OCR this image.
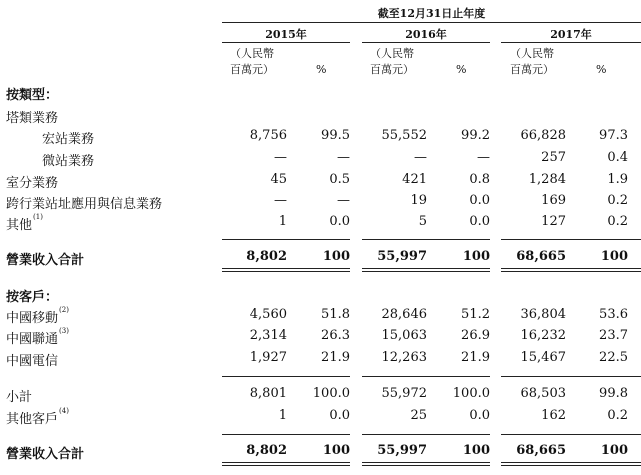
截至12月31日止年度
2015年	2016年	2017年
（人民幣
百萬元）	%
（人民幣
百萬元）	%
（人民幣
百萬元）	%
按類型：
按客戶：
塔類業務
宏站業務	8,756	99.5	55,552	99.2	66,828	97.3
微站業務	—	—	—	—	257	0.4
室分業務	45	0.5	421	0.8	1,284	1.9
跨行業站址應用與信息業務	—	—	19	0.0	169	0.2
其他$^{(1)}$	1	0.0	5	0.0	127	0.2
營業收入合計	8,802	100	55,997	100	68,665	100
中國移動$^{(2)}$	4,560	51.8	28,646	51.2	36,804	53.6
中國聯通$^{(3)}$	2,314	26.3	15,063	26.9	16,232	23.7
中國電信	1,927	21.9	12,263	21.9	15,467	22.5
小計	8,801	100.0	55,972	100.0	68,503	99.8
其他客戶$^{(4)}$	1	0.0	25	0.0	162	0.2
營業收入合計	8,802	100	55,997	100	68,665	100
